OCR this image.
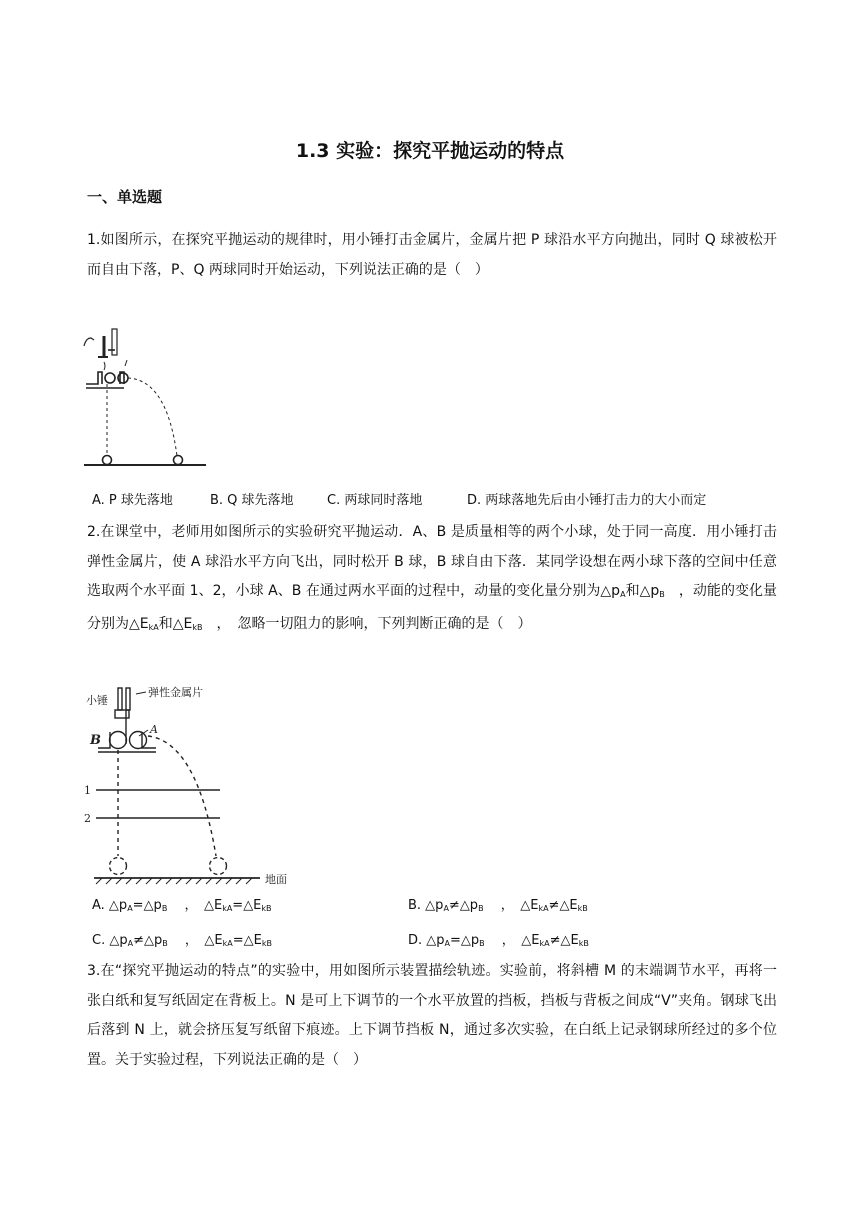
1.3 实验：探究平抛运动的特点
一、单选题
1.如图所示，在探究平抛运动的规律时，用小锤打击金属片，金属片把 P 球沿水平方向抛出，同时 Q 球被松开而自由下落，P、Q 两球同时开始运动，下列说法正确的是（　）
A. P 球先落地	B. Q 球先落地	C. 两球同时落地	D. 两球落地先后由小锤打击力的大小而定
2.在课堂中，老师用如图所示的实验研究平抛运动．A、B 是质量相等的两个小球，处于同一高度．用小锤打击弹性金属片，使 A 球沿水平方向飞出，同时松开 B 球，B 球自由下落．某同学设想在两小球下落的空间中任意选取两个水平面 1、2，小球 A、B 在通过两水平面的过程中，动量的变化量分别为$\triangle p_A$和$\triangle p_B$　 ，动能的变化量分别为$\triangle E_{kA}$和$\triangle E_{kB}$　 ，　忽略一切阻力的影响，下列判断正确的是（　）
小锤
弹性金属片
A
B
1
2
地面
A. $\triangle p_A=\triangle p_B$　 ，　$\triangle E_{kA}=\triangle E_{kB}$	B. $\triangle p_A\ne\triangle p_B$　 ，　$\triangle E_{kA}\ne\triangle E_{kB}$
C. $\triangle p_A\ne\triangle p_B$　 ，　$\triangle E_{kA}=\triangle E_{kB}$	D. $\triangle p_A=\triangle p_B$　 ，　$\triangle E_{kA}\ne\triangle E_{kB}$
3.在“探究平抛运动的特点”的实验中，用如图所示装置描绘轨迹。实验前，将斜槽 M 的末端调节水平，再将一张白纸和复写纸固定在背板上。N 是可上下调节的一个水平放置的挡板，挡板与背板之间成“V”夹角。钢球飞出后落到 N 上，就会挤压复写纸留下痕迹。上下调节挡板 N，通过多次实验，在白纸上记录钢球所经过的多个位置。关于实验过程，下列说法正确的是（　）
